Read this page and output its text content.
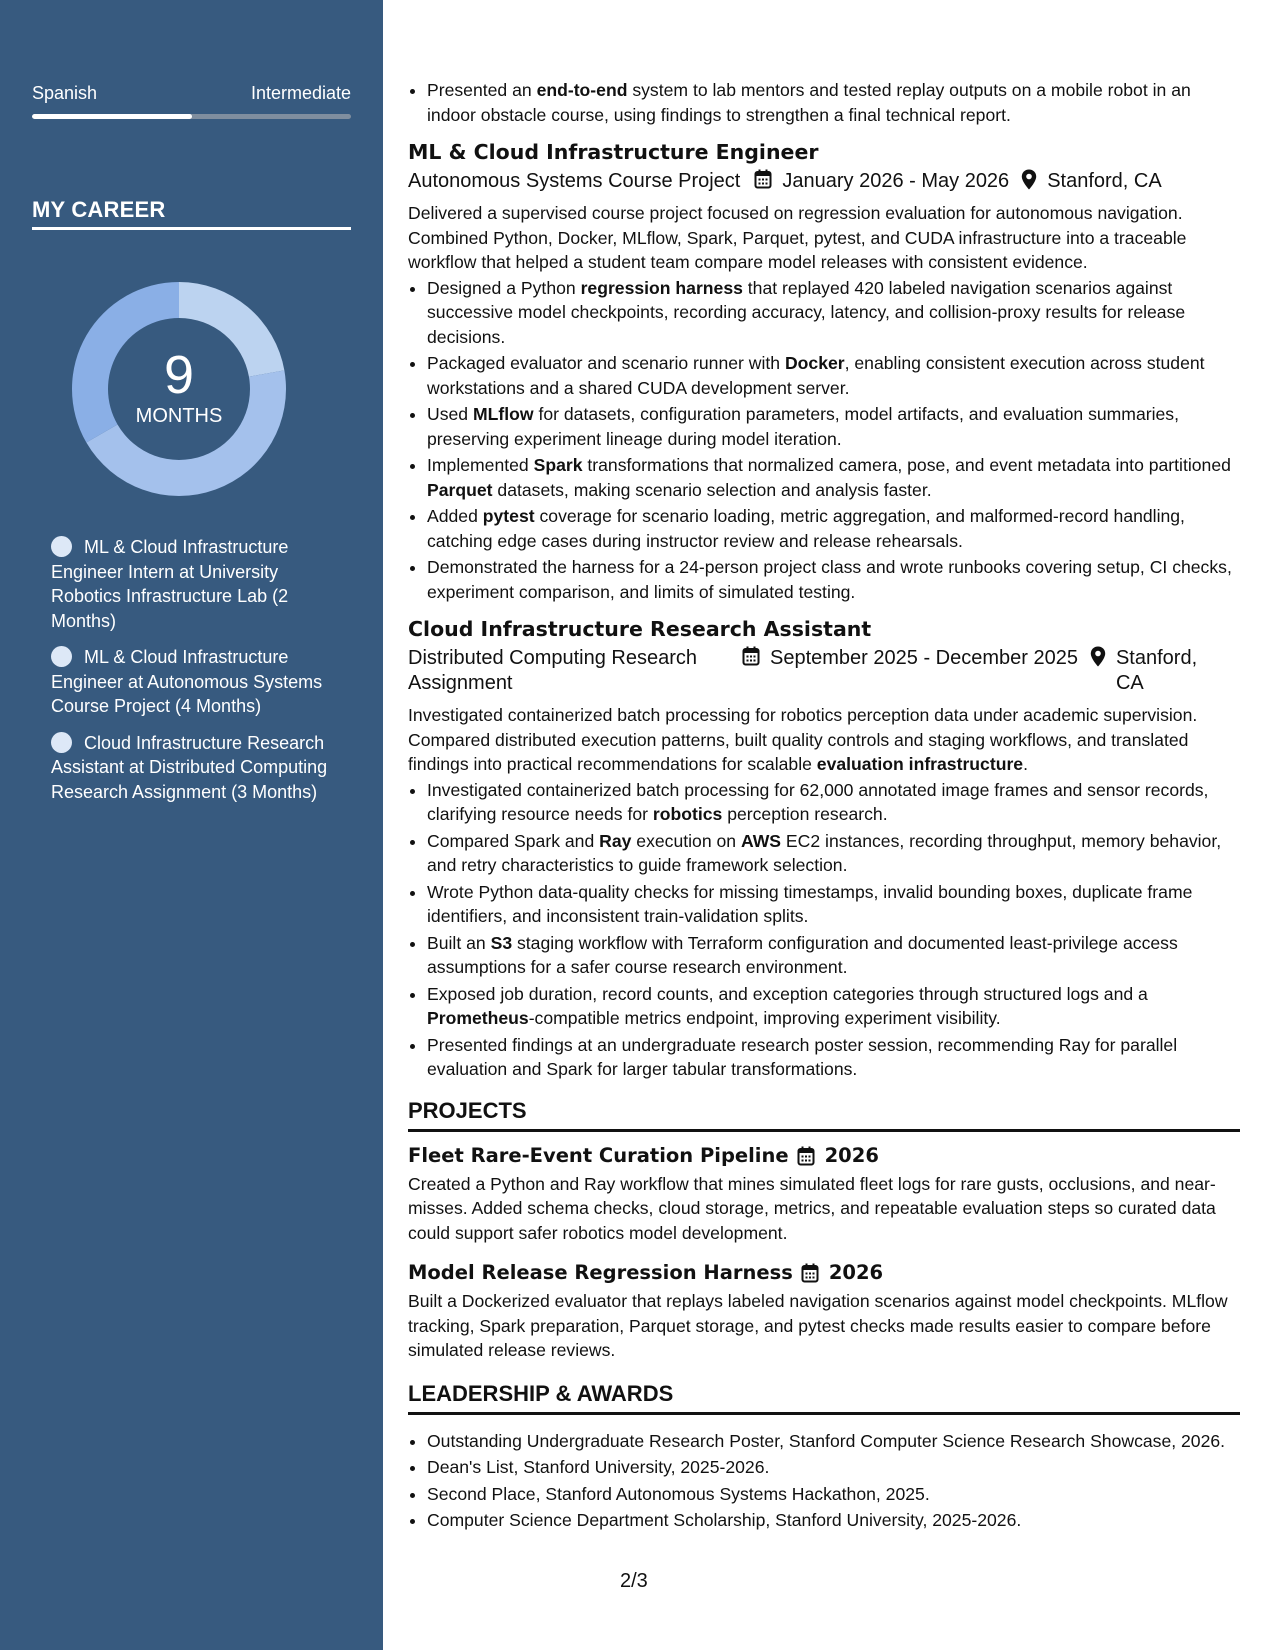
Spanish	Intermediate
MY CAREER
9
MONTHS
ML & Cloud Infrastructure Engineer Intern at University Robotics Infrastructure Lab (2 Months)
ML & Cloud Infrastructure Engineer at Autonomous Systems Course Project (4 Months)
Cloud Infrastructure Research Assistant at Distributed Computing Research Assignment (3 Months)
• Presented an end-to-end system to lab mentors and tested replay outputs on a mobile robot in an indoor obstacle course, using findings to strengthen a final technical report.
ML & Cloud Infrastructure Engineer
Autonomous Systems Course Project January 2026 - May 2026 Stanford, CA
Delivered a supervised course project focused on regression evaluation for autonomous navigation. Combined Python, Docker, MLflow, Spark, Parquet, pytest, and CUDA infrastructure into a traceable workflow that helped a student team compare model releases with consistent evidence.
• Designed a Python regression harness that replayed 420 labeled navigation scenarios against successive model checkpoints, recording accuracy, latency, and collision-proxy results for release decisions.
• Packaged evaluator and scenario runner with Docker, enabling consistent execution across student workstations and a shared CUDA development server.
• Used MLflow for datasets, configuration parameters, model artifacts, and evaluation summaries, preserving experiment lineage during model iteration.
• Implemented Spark transformations that normalized camera, pose, and event metadata into partitioned Parquet datasets, making scenario selection and analysis faster.
• Added pytest coverage for scenario loading, metric aggregation, and malformed-record handling, catching edge cases during instructor review and release rehearsals.
• Demonstrated the harness for a 24-person project class and wrote runbooks covering setup, CI checks, experiment comparison, and limits of simulated testing.
Cloud Infrastructure Research Assistant
Distributed Computing Research Assignment
September 2025 - December 2025 Stanford, CA
Investigated containerized batch processing for robotics perception data under academic supervision. Compared distributed execution patterns, built quality controls and staging workflows, and translated findings into practical recommendations for scalable evaluation infrastructure.
• Investigated containerized batch processing for 62,000 annotated image frames and sensor records, clarifying resource needs for robotics perception research.
• Compared Spark and Ray execution on AWS EC2 instances, recording throughput, memory behavior, and retry characteristics to guide framework selection.
• Wrote Python data-quality checks for missing timestamps, invalid bounding boxes, duplicate frame identifiers, and inconsistent train-validation splits.
• Built an S3 staging workflow with Terraform configuration and documented least-privilege access assumptions for a safer course research environment.
• Exposed job duration, record counts, and exception categories through structured logs and a Prometheus-compatible metrics endpoint, improving experiment visibility.
• Presented findings at an undergraduate research poster session, recommending Ray for parallel evaluation and Spark for larger tabular transformations.
PROJECTS
Fleet Rare-Event Curation Pipeline 2026
Created a Python and Ray workflow that mines simulated fleet logs for rare gusts, occlusions, and near-misses. Added schema checks, cloud storage, metrics, and repeatable evaluation steps so curated data could support safer robotics model development.
Model Release Regression Harness 2026
Built a Dockerized evaluator that replays labeled navigation scenarios against model checkpoints. MLflow tracking, Spark preparation, Parquet storage, and pytest checks made results easier to compare before simulated release reviews.
LEADERSHIP & AWARDS
• Outstanding Undergraduate Research Poster, Stanford Computer Science Research Showcase, 2026.
• Dean's List, Stanford University, 2025-2026.
• Second Place, Stanford Autonomous Systems Hackathon, 2025.
• Computer Science Department Scholarship, Stanford University, 2025-2026.
2/3
